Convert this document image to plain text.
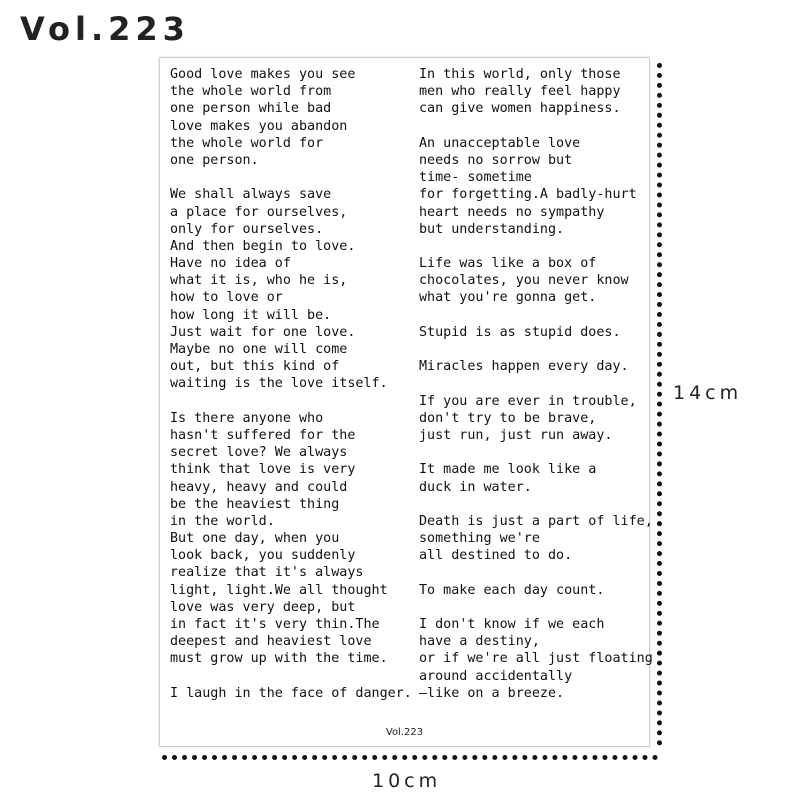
Vol.223
Good love makes you see
the whole world from
one person while bad
love makes you abandon
the whole world for
one person.
We shall always save
a place for ourselves,
only for ourselves.
And then begin to love.
Have no idea of
what it is, who he is,
how to love or
how long it will be.
Just wait for one love.
Maybe no one will come
out, but this kind of
waiting is the love itself.
Is there anyone who
hasn't suffered for the
secret love? We always
think that love is very
heavy, heavy and could
be the heaviest thing
in the world.
But one day, when you
look back, you suddenly
realize that it's always
light, light.We all thought
love was very deep, but
in fact it's very thin.The
deepest and heaviest love
must grow up with the time.
I laugh in the face of danger.
In this world, only those
men who really feel happy
can give women happiness.
An unacceptable love
needs no sorrow but
time- sometime
for forgetting.A badly-hurt
heart needs no sympathy
but understanding.
Life was like a box of
chocolates, you never know
what you're gonna get.
Stupid is as stupid does.
Miracles happen every day.
If you are ever in trouble,
don't try to be brave,
just run, just run away.
It made me look like a
duck in water.
Death is just a part of life,
something we're
all destined to do.
To make each day count.
I don't know if we each
have a destiny,
or if we're all just floating
around accidentally
—like on a breeze.
Vol.223
14cm
10cm
